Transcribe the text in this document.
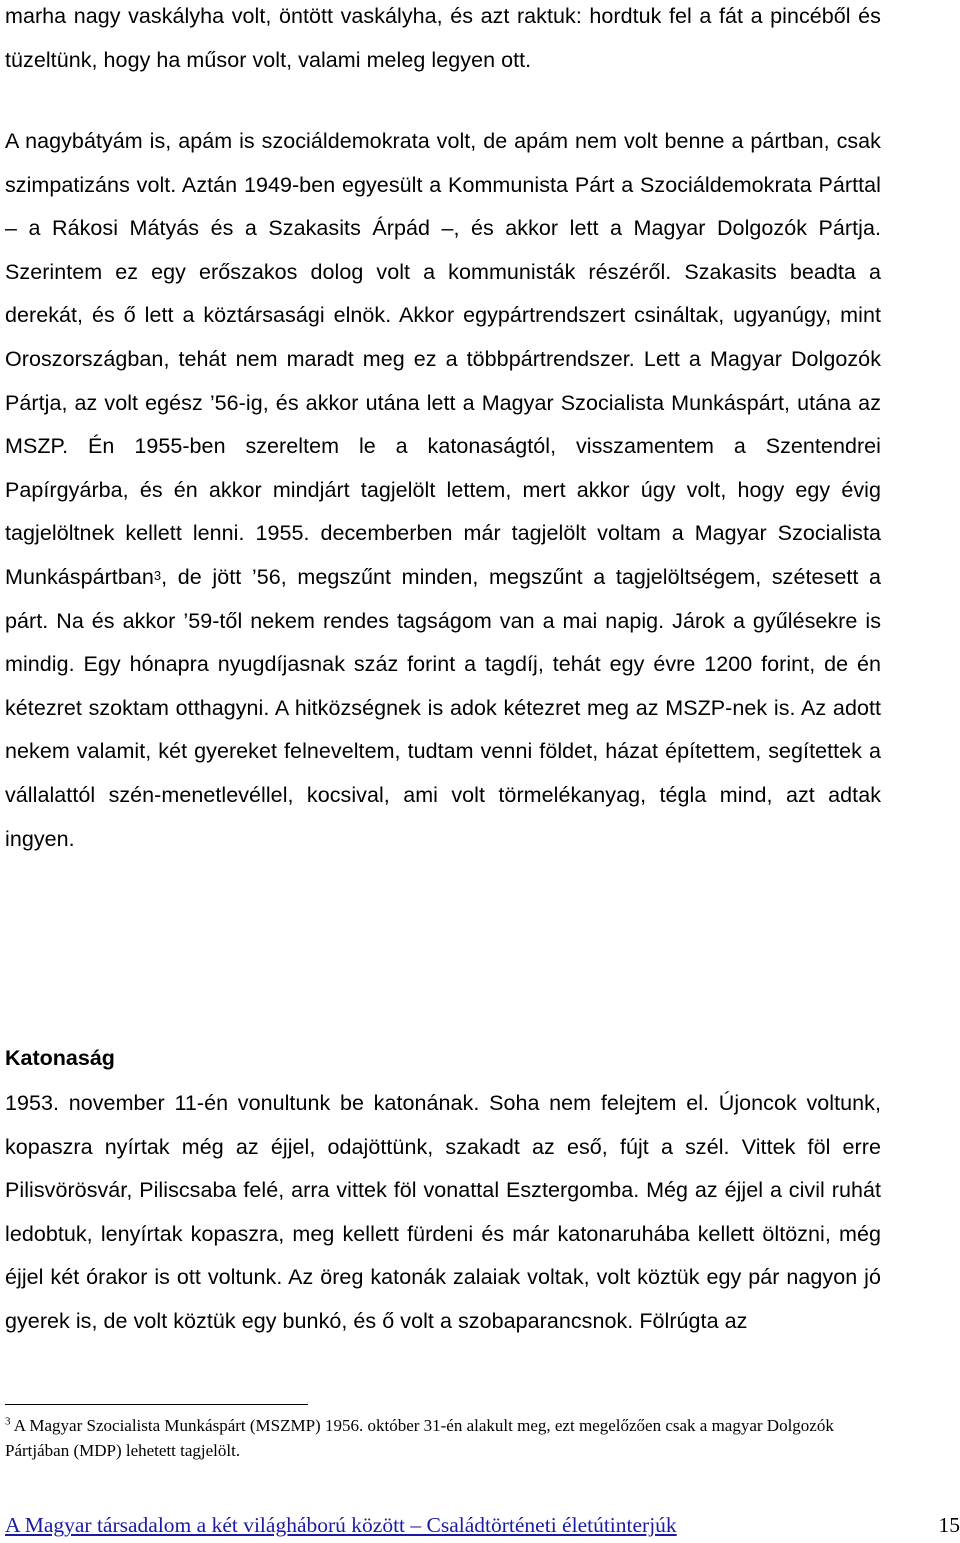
marha nagy vaskályha volt, öntött vaskályha, és azt raktuk: hordtuk fel a fát a pincéből és tüzeltünk, hogy ha műsor volt, valami meleg legyen ott.

A nagybátyám is, apám is szociáldemokrata volt, de apám nem volt benne a pártban, csak szimpatizáns volt. Aztán 1949-ben egyesült a Kommunista Párt a Szociáldemokrata Párttal – a Rákosi Mátyás és a Szakasits Árpád –, és akkor lett a Magyar Dolgozók Pártja. Szerintem ez egy erőszakos dolog volt a kommunisták részéről. Szakasits beadta a derekát, és ő lett a köztársasági elnök. Akkor egypártrendszert csináltak, ugyanúgy, mint Oroszországban, tehát nem maradt meg ez a többpártrendszer. Lett a Magyar Dolgozók Pártja, az volt egész ’56-ig, és akkor utána lett a Magyar Szocialista Munkáspárt, utána az MSZP. Én 1955-ben szereltem le a katonaságtól, visszamentem a Szentendrei Papírgyárba, és én akkor mindjárt tagjelölt lettem, mert akkor úgy volt, hogy egy évig tagjelöltnek kellett lenni. 1955. decemberben már tagjelölt voltam a Magyar Szocialista Munkáspártban$^3$, de jött ’56, megszűnt minden, megszűnt a tagjelöltségem, szétesett a párt. Na és akkor ’59-től nekem rendes tagságom van a mai napig. Járok a gyűlésekre is mindig. Egy hónapra nyugdíjasnak száz forint a tagdíj, tehát egy évre 1200 forint, de én kétezret szoktam otthagyni. A hitközségnek is adok kétezret meg az MSZP-nek is. Az adott nekem valamit, két gyereket felneveltem, tudtam venni földet, házat építettem, segítettek a vállalattól szén-menetlevéllel, kocsival, ami volt törmelékanyag, tégla mind, azt adtak ingyen.

Katonaság

1953. november 11-én vonultunk be katonának. Soha nem felejtem el. Újoncok voltunk, kopaszra nyírtak még az éjjel, odajöttünk, szakadt az eső, fújt a szél. Vittek föl erre Pilisvörösvár, Piliscsaba felé, arra vittek föl vonattal Esztergomba. Még az éjjel a civil ruhát ledobtuk, lenyírtak kopaszra, meg kellett fürdeni és már katonaruhába kellett öltözni, még éjjel két órakor is ott voltunk. Az öreg katonák zalaiak voltak, volt köztük egy pár nagyon jó gyerek is, de volt köztük egy bunkó, és ő volt a szobaparancsnok. Fölrúgta az

$^3$ A Magyar Szocialista Munkáspárt (MSZMP) 1956. október 31-én alakult meg, ezt megelőzően csak a magyar Dolgozók Pártjában (MDP) lehetett tagjelölt.

A Magyar társadalom a két világháború között – Családtörténeti életútinterjúk	15
